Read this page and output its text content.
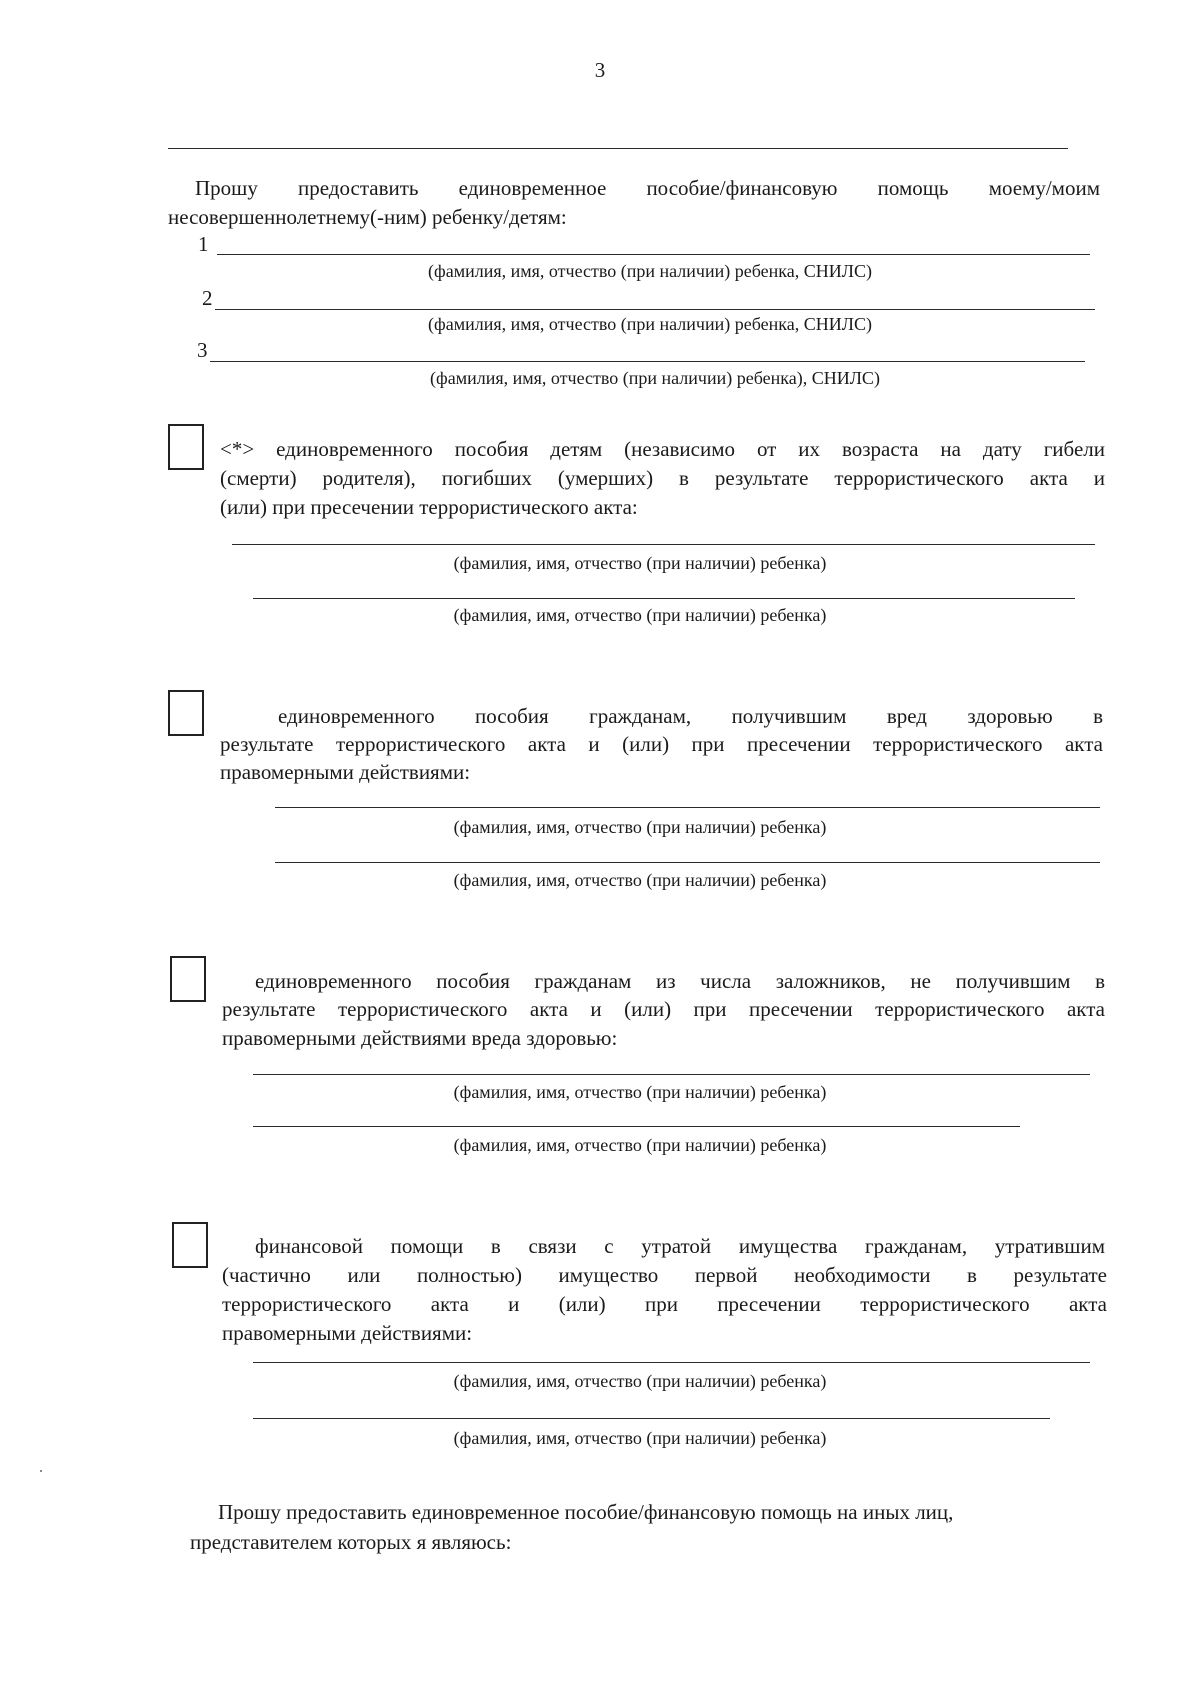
3
Прошу предоставить единовременное пособие/финансовую помощь моему/моим
несовершеннолетнему(-ним) ребенку/детям:
1
(фамилия, имя, отчество (при наличии) ребенка, СНИЛС)
2
(фамилия, имя, отчество (при наличии) ребенка, СНИЛС)
3
(фамилия, имя, отчество (при наличии) ребенка), СНИЛС)
<*> единовременного пособия детям (независимо от их возраста на дату гибели
(смерти) родителя), погибших (умерших) в результате террористического акта и
(или) при пресечении террористического акта:
(фамилия, имя, отчество (при наличии) ребенка)
(фамилия, имя, отчество (при наличии) ребенка)
единовременного пособия гражданам, получившим вред здоровью в
результате террористического акта и (или) при пресечении террористического акта
правомерными действиями:
(фамилия, имя, отчество (при наличии) ребенка)
(фамилия, имя, отчество (при наличии) ребенка)
единовременного пособия гражданам из числа заложников, не получившим в
результате террористического акта и (или) при пресечении террористического акта
правомерными действиями вреда здоровью:
(фамилия, имя, отчество (при наличии) ребенка)
(фамилия, имя, отчество (при наличии) ребенка)
финансовой помощи в связи с утратой имущества гражданам, утратившим
(частично или полностью) имущество первой необходимости в результате
террористического акта и (или) при пресечении террористического акта
правомерными действиями:
(фамилия, имя, отчество (при наличии) ребенка)
(фамилия, имя, отчество (при наличии) ребенка)
Прошу предоставить единовременное пособие/финансовую помощь на иных лиц,
представителем которых я являюсь:
